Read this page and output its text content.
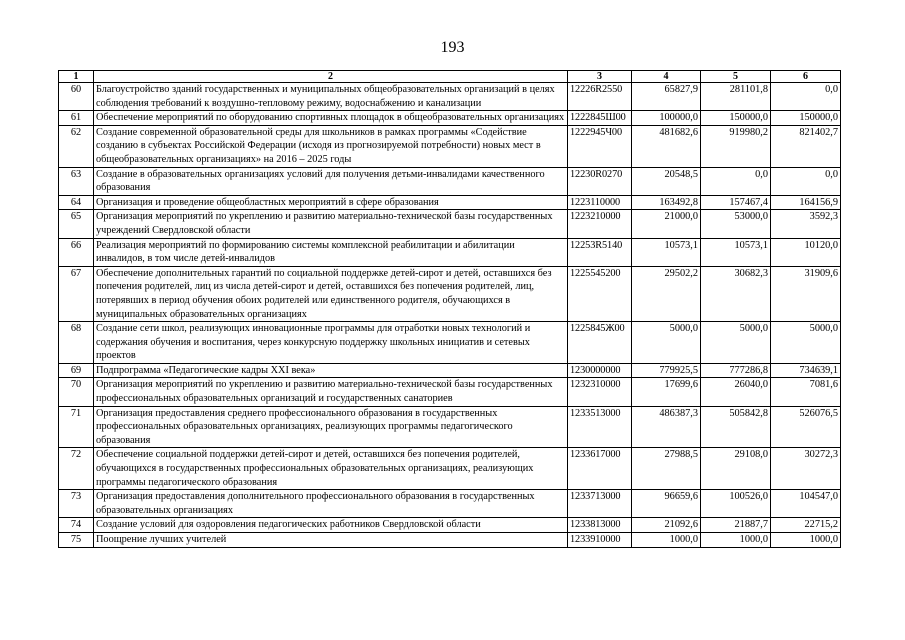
193
1	2	3	4	5	6
60	Благоустройство зданий государственных и муниципальных общеобразовательных организаций в целях соблюдения требований к воздушно-тепловому режиму, водоснабжению и канализации	12226R2550	65827,9	281101,8	0,0
61	Обеспечение мероприятий по оборудованию спортивных площадок в общеобразовательных организациях	1222845Ш00	100000,0	150000,0	150000,0
62	Создание современной образовательной среды для школьников в рамках программы «Содействие созданию в субъектах Российской Федерации (исходя из прогнозируемой потребности) новых мест в общеобразовательных организациях» на 2016 – 2025 годы	1222945Ч00	481682,6	919980,2	821402,7
63	Создание в образовательных организациях условий для получения детьми-инвалидами качественного образования	12230R0270	20548,5	0,0	0,0
64	Организация и проведение общеобластных мероприятий в сфере образования	1223110000	163492,8	157467,4	164156,9
65	Организация мероприятий по укреплению и развитию материально-технической базы государственных учреждений Свердловской области	1223210000	21000,0	53000,0	3592,3
66	Реализация мероприятий по формированию системы комплексной реабилитации и абилитации инвалидов, в том числе детей-инвалидов	12253R5140	10573,1	10573,1	10120,0
67	Обеспечение дополнительных гарантий по социальной поддержке детей-сирот и детей, оставшихся без попечения родителей, лиц из числа детей-сирот и детей, оставшихся без попечения родителей, лиц, потерявших в период обучения обоих родителей или единственного родителя, обучающихся в муниципальных образовательных организациях	1225545200	29502,2	30682,3	31909,6
68	Создание сети школ, реализующих инновационные программы для отработки новых технологий и содержания обучения и воспитания, через конкурсную поддержку школьных инициатив и сетевых проектов	1225845Ж00	5000,0	5000,0	5000,0
69	Подпрограмма «Педагогические кадры XXI века»	1230000000	779925,5	777286,8	734639,1
70	Организация мероприятий по укреплению и развитию материально-технической базы государственных профессиональных образовательных организаций и государственных санаториев	1232310000	17699,6	26040,0	7081,6
71	Организация предоставления среднего профессионального образования в государственных профессиональных образовательных организациях, реализующих программы педагогического образования	1233513000	486387,3	505842,8	526076,5
72	Обеспечение социальной поддержки детей-сирот и детей, оставшихся без попечения родителей, обучающихся в государственных профессиональных образовательных организациях, реализующих программы педагогического образования	1233617000	27988,5	29108,0	30272,3
73	Организация предоставления дополнительного профессионального образования в государственных образовательных организациях	1233713000	96659,6	100526,0	104547,0
74	Создание условий для оздоровления педагогических работников Свердловской области	1233813000	21092,6	21887,7	22715,2
75	Поощрение лучших учителей	1233910000	1000,0	1000,0	1000,0
